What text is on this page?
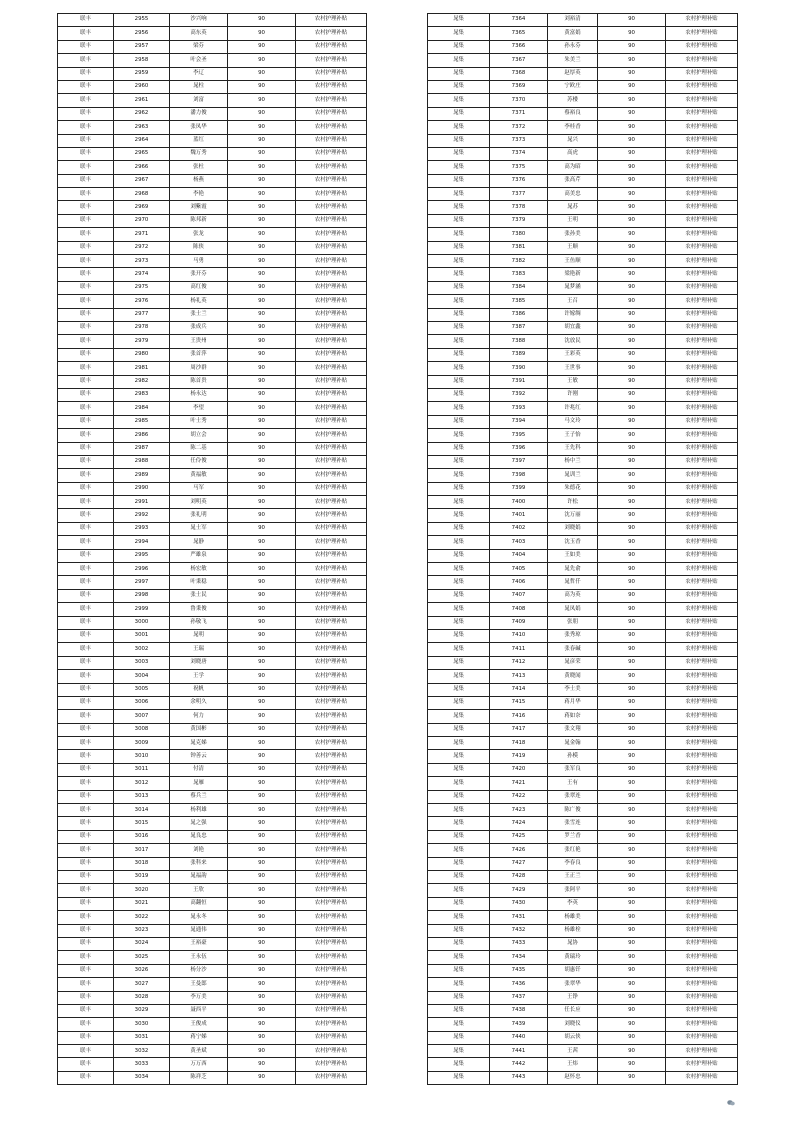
联丰	2955	沙兴响	90	农村护理补贴
联丰	2956	高东英	90	农村护理补贴
联丰	2957	梁芬	90	农村护理补贴
联丰	2958	叶会圣	90	农村护理补贴
联丰	2959	李辽	90	农村护理补贴
联丰	2960	晁柱	90	农村护理补贴
联丰	2961	刘富	90	农村护理补贴
联丰	2962	潘力俊	90	农村护理补贴
联丰	2963	张凤华	90	农村护理补贴
联丰	2964	蓝红	90	农村护理补贴
联丰	2965	魏万秀	90	农村护理补贴
联丰	2966	张杜	90	农村护理补贴
联丰	2967	杨燕	90	农村护理补贴
联丰	2968	李艳	90	农村护理补贴
联丰	2969	刘紫霞	90	农村护理补贴
联丰	2970	陈邦新	90	农村护理补贴
联丰	2971	张龙	90	农村护理补贴
联丰	2972	陈侠	90	农村护理补贴
联丰	2973	马勇	90	农村护理补贴
联丰	2974	张开芬	90	农村护理补贴
联丰	2975	高红俊	90	农村护理补贴
联丰	2976	杨礼英	90	农村护理补贴
联丰	2977	张士兰	90	农村护理补贴
联丰	2978	张成兵	90	农村护理补贴
联丰	2979	王贵州	90	农村护理补贴
联丰	2980	张首萍	90	农村护理补贴
联丰	2981	周沙群	90	农村护理补贴
联丰	2982	陈首贵	90	农村护理补贴
联丰	2983	杨永达	90	农村护理补贴
联丰	2984	李望	90	农村护理补贴
联丰	2985	叶士秀	90	农村护理补贴
联丰	2986	胡立会	90	农村护理补贴
联丰	2987	陈二基	90	农村护理补贴
联丰	2988	任伶俊	90	农村护理补贴
联丰	2989	黄福敏	90	农村护理补贴
联丰	2990	马军	90	农村护理补贴
联丰	2991	刘明英	90	农村护理补贴
联丰	2992	张礼明	90	农村护理补贴
联丰	2993	晁士军	90	农村护理补贴
联丰	2994	晁静	90	农村护理补贴
联丰	2995	严雄泉	90	农村护理补贴
联丰	2996	杨宏敏	90	农村护理补贴
联丰	2997	叶秉稳	90	农村护理补贴
联丰	2998	张士民	90	农村护理补贴
联丰	2999	鲁秉俊	90	农村护理补贴
联丰	3000	孙敬飞	90	农村护理补贴
联丰	3001	晁明	90	农村护理补贴
联丰	3002	王瑞	90	农村护理补贴
联丰	3003	刘晓唐	90	农村护理补贴
联丰	3004	王学	90	农村护理补贴
联丰	3005	祝帆	90	农村护理补贴
联丰	3006	余明久	90	农村护理补贴
联丰	3007	何力	90	农村护理补贴
联丰	3008	黄国彬	90	农村护理补贴
联丰	3009	晁克娣	90	农村护理补贴
联丰	3010	钟善云	90	农村护理补贴
联丰	3011	付清	90	农村护理补贴
联丰	3012	晁雁	90	农村护理补贴
联丰	3013	蔡兵兰	90	农村护理补贴
联丰	3014	杨利雄	90	农村护理补贴
联丰	3015	晁之强	90	农村护理补贴
联丰	3016	晁良忠	90	农村护理补贴
联丰	3017	刘艳	90	农村护理补贴
联丰	3018	张科来	90	农村护理补贴
联丰	3019	晁福韵	90	农村护理补贴
联丰	3020	王欣	90	农村护理补贴
联丰	3021	高翻恒	90	农村护理补贴
联丰	3022	晁永冬	90	农村护理补贴
联丰	3023	晁通伟	90	农村护理补贴
联丰	3024	王裕豪	90	农村护理补贴
联丰	3025	王永伍	90	农村护理补贴
联丰	3026	杨分沙	90	农村护理补贴
联丰	3027	王曼郎	90	农村护理补贴
联丰	3028	李万美	90	农村护理补贴
联丰	3029	聂西平	90	农村护理补贴
联丰	3030	王俊成	90	农村护理补贴
联丰	3031	蒋宁娣	90	农村护理补贴
联丰	3032	黄圣斌	90	农村护理补贴
联丰	3033	万万西	90	农村护理补贴
联丰	3034	陈祥芝	90	农村护理补贴
晁集	7364	刘裕清	90	农村护理补贴
晁集	7365	黄富娟	90	农村护理补贴
晁集	7366	孙永芬	90	农村护理补贴
晁集	7367	朱美兰	90	农村护理补贴
晁集	7368	赵厚英	90	农村护理补贴
晁集	7369	宁欧庄	90	农村护理补贴
晁集	7370	苏楼	90	农村护理补贴
晁集	7371	蔡裕良	90	农村护理补贴
晁集	7372	李桂香	90	农村护理补贴
晁集	7373	晁兴	90	农村护理补贴
晁集	7374	高虎	90	农村护理补贴
晁集	7375	高为昭	90	农村护理补贴
晁集	7376	张高芹	90	农村护理补贴
晁集	7377	高美忠	90	农村护理补贴
晁集	7378	晁苏	90	农村护理补贴
晁集	7379	王明	90	农村护理补贴
晁集	7380	张孙美	90	农村护理补贴
晁集	7381	王顺	90	农村护理补贴
晁集	7382	王鱼顺	90	农村护理补贴
晁集	7383	梁艳新	90	农村护理补贴
晁集	7384	晁梦涵	90	农村护理补贴
晁集	7385	王召	90	农村护理补贴
晁集	7386	许嫁绸	90	农村护理补贴
晁集	7387	胡宜鑫	90	农村护理补贴
晁集	7388	沈放民	90	农村护理补贴
晁集	7389	王彩英	90	农村护理补贴
晁集	7390	王世事	90	农村护理补贴
晁集	7391	王敏	90	农村护理补贴
晁集	7392	许刚	90	农村护理补贴
晁集	7393	许兆红	90	农村护理补贴
晁集	7394	马文玲	90	农村护理补贴
晁集	7395	王子怡	90	农村护理补贴
晁集	7396	王先科	90	农村护理补贴
晁集	7397	杨中兰	90	农村护理补贴
晁集	7398	晁训兰	90	农村护理补贴
晁集	7399	朱德花	90	农村护理补贴
晁集	7400	许松	90	农村护理补贴
晁集	7401	沈万丽	90	农村护理补贴
晁集	7402	刘晓娟	90	农村护理补贴
晁集	7403	沈玉香	90	农村护理补贴
晁集	7404	王如美	90	农村护理补贴
晁集	7405	晁先俞	90	农村护理补贴
晁集	7406	晁哲仟	90	农村护理补贴
晁集	7407	高为英	90	农村护理补贴
晁集	7408	晁凤娟	90	农村护理补贴
晁集	7409	张朋	90	农村护理补贴
晁集	7410	张秀琼	90	农村护理补贴
晁集	7411	张春碱	90	农村护理补贴
晁集	7412	晁彦荣	90	农村护理补贴
晁集	7413	黄晓闻	90	农村护理补贴
晁集	7414	李士美	90	农村护理补贴
晁集	7415	蒋月华	90	农村护理补贴
晁集	7416	蒋如奈	90	农村护理补贴
晁集	7417	张文翔	90	农村护理补贴
晁集	7418	晁金翰	90	农村护理补贴
晁集	7419	孙模	90	农村护理补贴
晁集	7420	张军良	90	农村护理补贴
晁集	7421	王有	90	农村护理补贴
晁集	7422	张翠连	90	农村护理补贴
晁集	7423	陈广俊	90	农村护理补贴
晁集	7424	张雪连	90	农村护理补贴
晁集	7425	罗兰香	90	农村护理补贴
晁集	7426	张红艳	90	农村护理补贴
晁集	7427	李春良	90	农村护理补贴
晁集	7428	王正兰	90	农村护理补贴
晁集	7429	张阿平	90	农村护理补贴
晁集	7430	李英	90	农村护理补贴
晁集	7431	杨雄美	90	农村护理补贴
晁集	7432	杨雄栓	90	农村护理补贴
晁集	7433	晁协	90	农村护理补贴
晁集	7434	黄瑞玲	90	农村护理补贴
晁集	7435	胡惠钎	90	农村护理补贴
晁集	7436	张翠华	90	农村护理补贴
晁集	7437	王铮	90	农村护理补贴
晁集	7438	任长应	90	农村护理补贴
晁集	7439	刘晓仪	90	农村护理补贴
晁集	7440	胡云侠	90	农村护理补贴
晁集	7441	王茜	90	农村护理补贴
晁集	7442	王炜	90	农村护理补贴
晁集	7443	赵怀忠	90	农村护理补贴
